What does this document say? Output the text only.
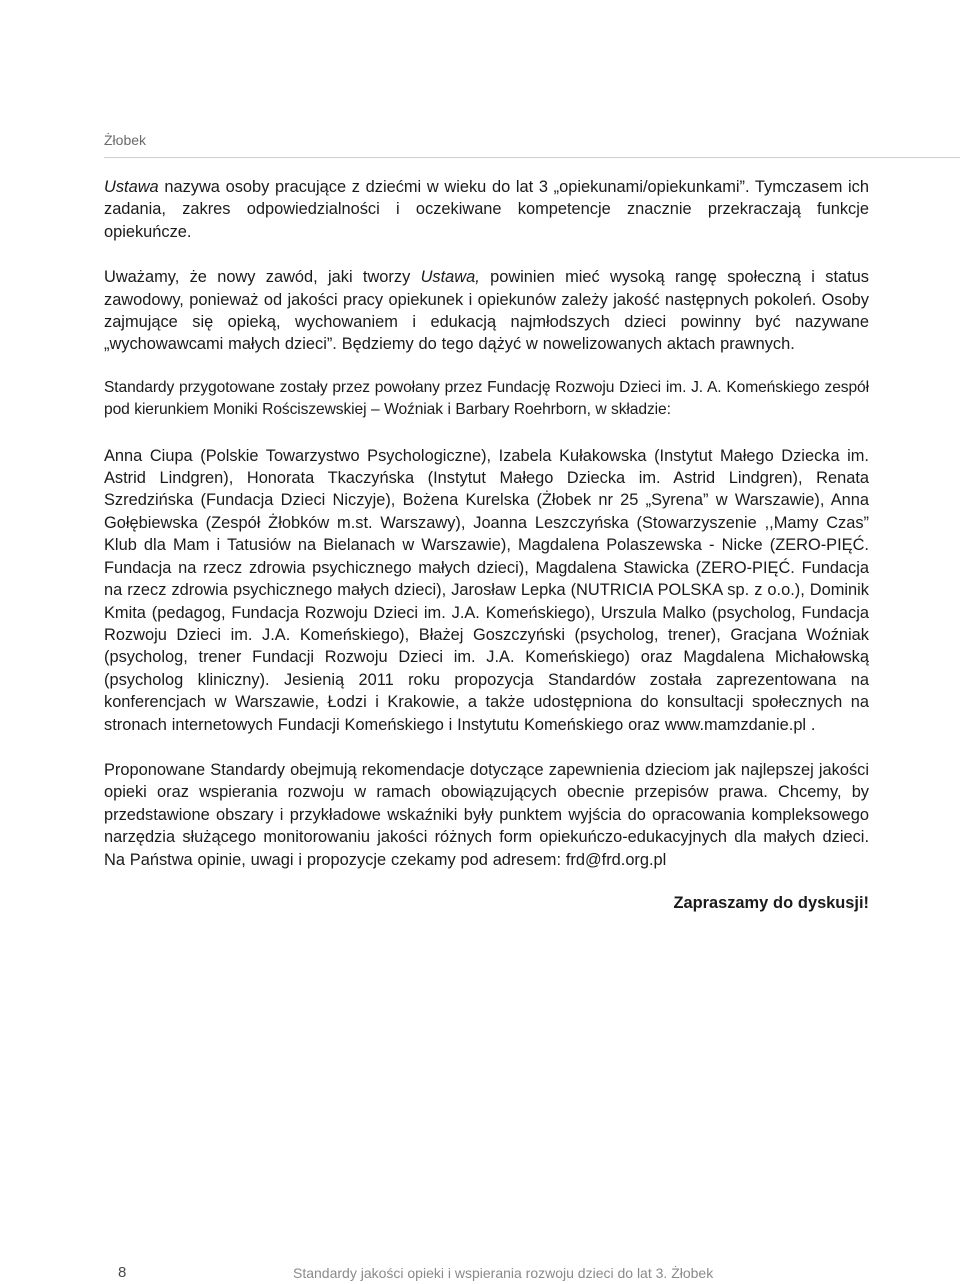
Żłobek

Ustawa nazywa osoby pracujące z dziećmi w wieku do lat 3 „opiekunami/opiekunkami”. Tymczasem ich zadania, zakres odpowiedzialności i oczekiwane kompetencje znacznie przekraczają funkcje opiekuńcze.

Uważamy, że nowy zawód, jaki tworzy Ustawa, powinien mieć wysoką rangę społeczną i status zawodowy, ponieważ od jakości pracy opiekunek i opiekunów zależy jakość następnych pokoleń. Osoby zajmujące się opieką, wychowaniem i edukacją najmłodszych dzieci powinny być nazywane „wychowawcami małych dzieci”. Będziemy do tego dążyć w nowelizowanych aktach prawnych.

Standardy przygotowane zostały przez powołany przez Fundację Rozwoju Dzieci im. J. A. Komeńskiego zespół pod kierunkiem Moniki Rościszewskiej – Woźniak i Barbary Roehrborn, w składzie:

Anna Ciupa (Polskie Towarzystwo Psychologiczne), Izabela Kułakowska (Instytut Małego Dziecka im. Astrid Lindgren), Honorata Tkaczyńska (Instytut Małego Dziecka im. Astrid Lindgren), Renata Szredzińska (Fundacja Dzieci Niczyje), Bożena Kurelska (Żłobek nr 25 „Syrena” w Warszawie), Anna Gołębiewska (Zespół Żłobków m.st. Warszawy), Joanna Leszczyńska (Stowarzyszenie ,,Mamy Czas” Klub dla Mam i Tatusiów na Bielanach w Warszawie), Magdalena Polaszewska - Nicke (ZERO-PIĘĆ. Fundacja na rzecz zdrowia psychicznego małych dzieci), Magdalena Stawicka (ZERO-PIĘĆ. Fundacja na rzecz zdrowia psychicznego małych dzieci), Jarosław Lepka (NUTRICIA POLSKA sp. z o.o.), Dominik Kmita (pedagog, Fundacja Rozwoju Dzieci im. J.A. Komeńskiego), Urszula Malko (psycholog, Fundacja Rozwoju Dzieci im. J.A. Komeńskiego), Błażej Goszczyński (psycholog, trener), Gracjana Woźniak (psycholog, trener Fundacji Rozwoju Dzieci im. J.A. Komeńskiego) oraz Magdalena Michałowską (psycholog kliniczny). Jesienią 2011 roku propozycja Standardów została zaprezentowana na konferencjach w Warszawie, Łodzi i Krakowie, a także udostępniona do konsultacji społecznych na stronach internetowych Fundacji Komeńskiego i Instytutu Komeńskiego oraz www.mamzdanie.pl .

Proponowane Standardy obejmują rekomendacje dotyczące zapewnienia dzieciom jak najlepszej jakości opieki oraz wspierania rozwoju w ramach obowiązujących obecnie przepisów prawa. Chcemy, by przedstawione obszary i przykładowe wskaźniki były punktem wyjścia do opracowania kompleksowego narzędzia służącego monitorowaniu jakości różnych form opiekuńczo-edukacyjnych dla małych dzieci. Na Państwa opinie, uwagi i propozycje czekamy pod adresem: frd@frd.org.pl

Zapraszamy do dyskusji!

8	Standardy jakości opieki i wspierania rozwoju dzieci do lat 3. Żłobek
